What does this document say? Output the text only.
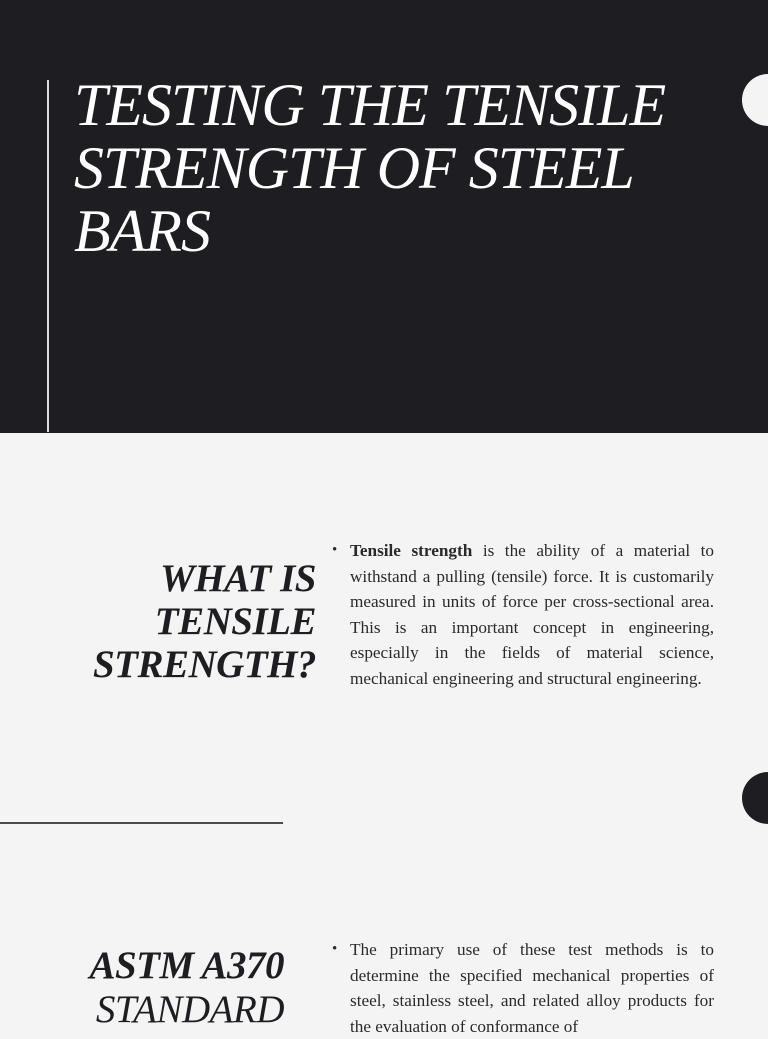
TESTING THE TENSILE STRENGTH OF STEEL BARS
WHAT IS TENSILE STRENGTH?
• Tensile strength is the ability of a material to withstand a pulling (tensile) force. It is customarily measured in units of force per cross-sectional area. This is an important concept in engineering, especially in the fields of material science, mechanical engineering and structural engineering.
ASTM A370
STANDARD
• The primary use of these test methods is to determine the specified mechanical properties of steel, stainless steel, and related alloy products for the evaluation of conformance of
